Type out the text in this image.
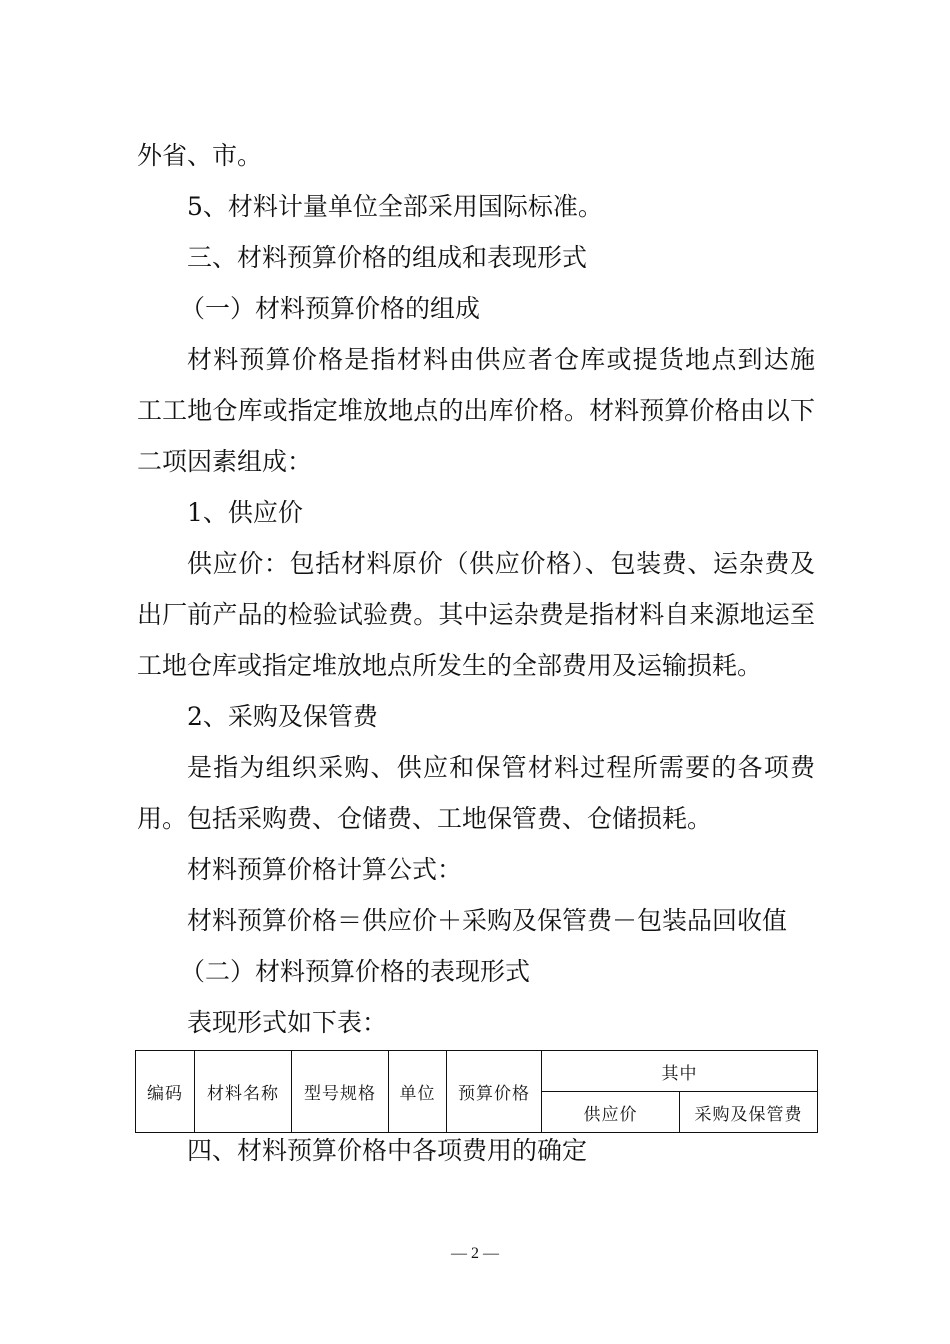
外省、市。
5、材料计量单位全部采用国际标准。
三、材料预算价格的组成和表现形式
（一）材料预算价格的组成
材料预算价格是指材料由供应者仓库或提货地点到达施
工工地仓库或指定堆放地点的出库价格。材料预算价格由以下
二项因素组成：
1、供应价
供应价：包括材料原价（供应价格）、包装费、运杂费及
出厂前产品的检验试验费。其中运杂费是指材料自来源地运至
工地仓库或指定堆放地点所发生的全部费用及运输损耗。
2、采购及保管费
是指为组织采购、供应和保管材料过程所需要的各项费
用。包括采购费、仓储费、工地保管费、仓储损耗。
材料预算价格计算公式：
材料预算价格＝供应价＋采购及保管费－包装品回收值
（二）材料预算价格的表现形式
表现形式如下表：
编码	材料名称	型号规格	单位	预算价格	其中	
					供应价	采购及保管费
四、材料预算价格中各项费用的确定
— 2 —
